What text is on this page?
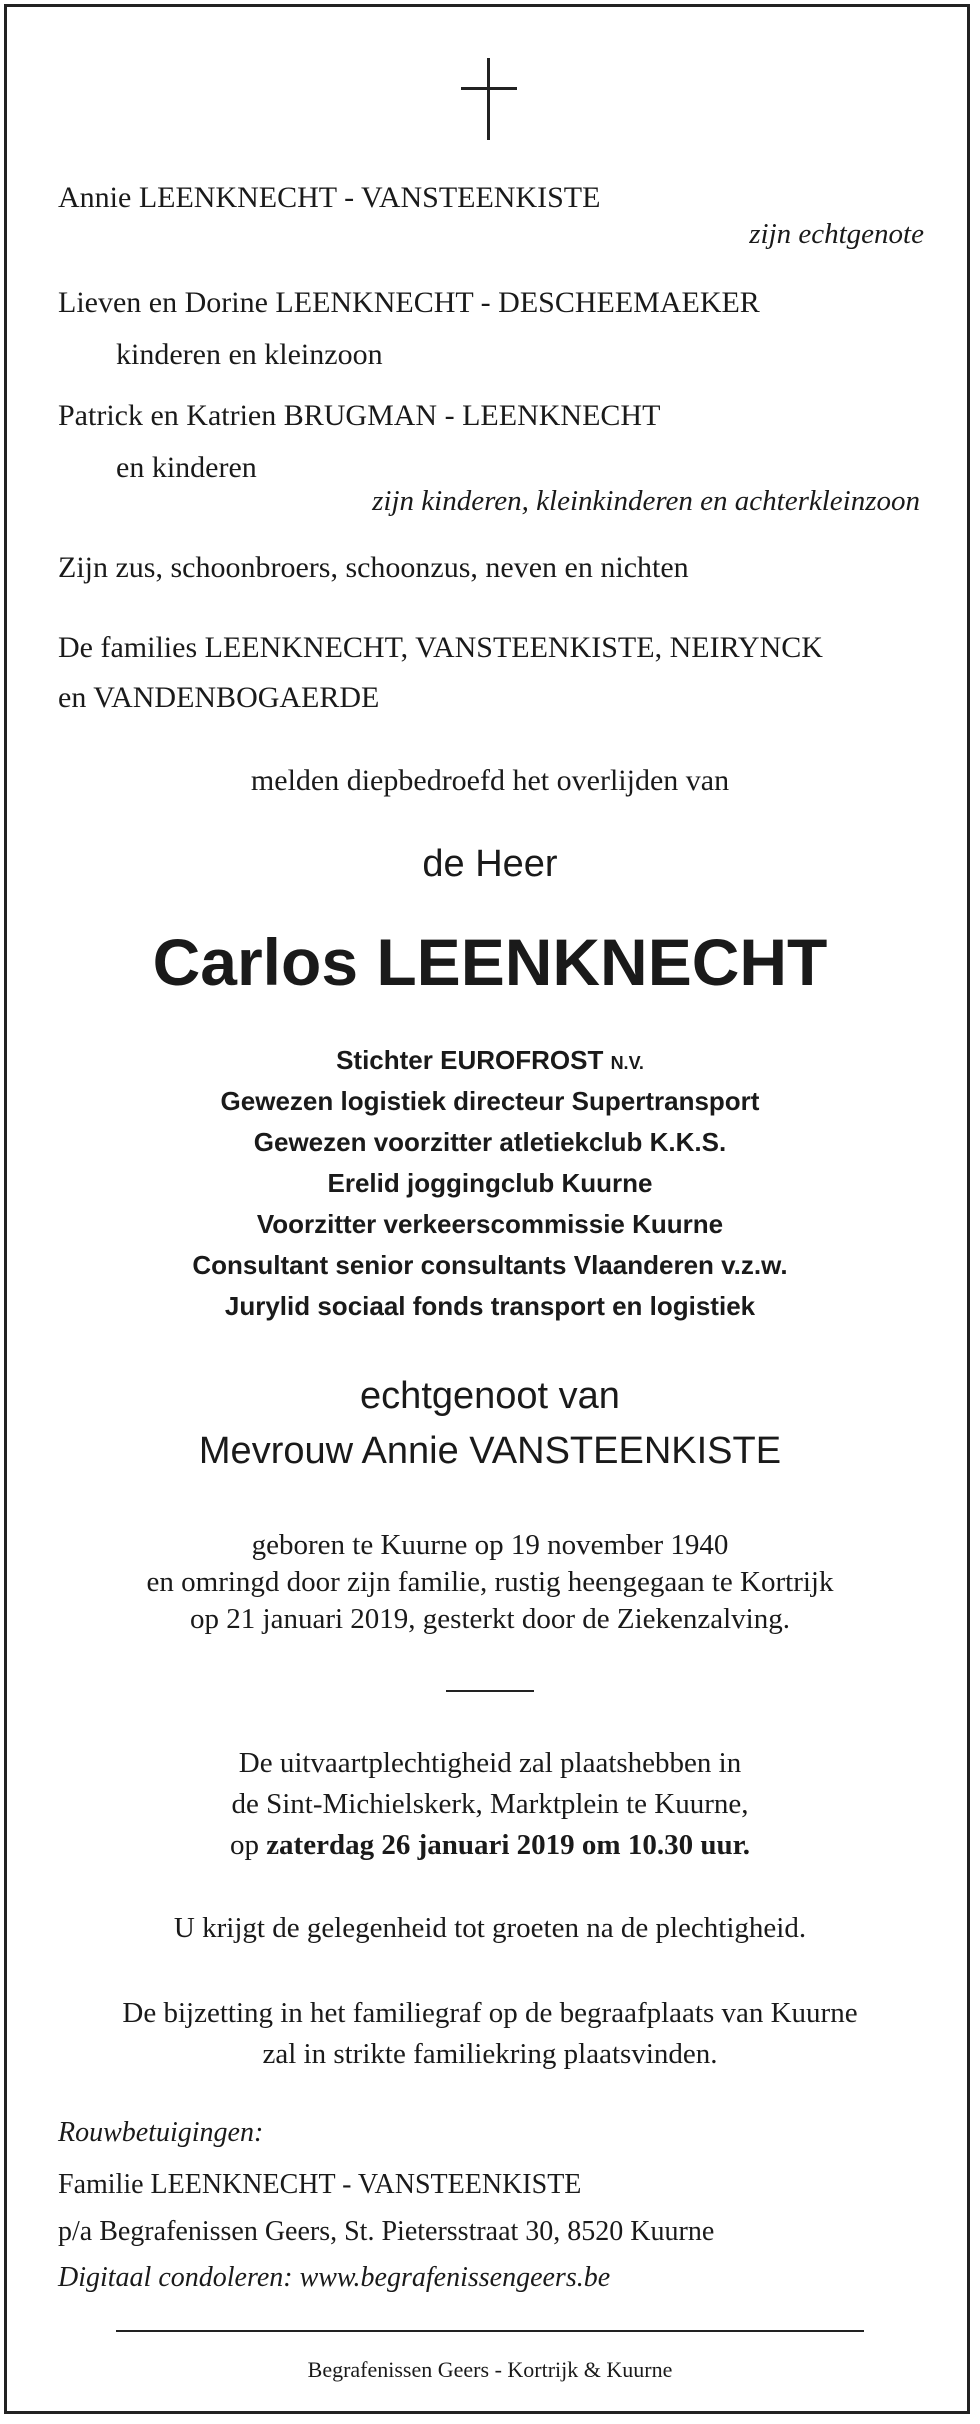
Annie LEENKNECHT - VANSTEENKISTE
zijn echtgenote
Lieven en Dorine LEENKNECHT - DESCHEEMAEKER
kinderen en kleinzoon
Patrick en Katrien BRUGMAN - LEENKNECHT
en kinderen
zijn kinderen, kleinkinderen en achterkleinzoon
Zijn zus, schoonbroers, schoonzus, neven en nichten
De families LEENKNECHT, VANSTEENKISTE, NEIRYNCK
en VANDENBOGAERDE
melden diepbedroefd het overlijden van
de Heer
Carlos LEENKNECHT
Stichter EUROFROST N.V.
Gewezen logistiek directeur Supertransport
Gewezen voorzitter atletiekclub K.K.S.
Erelid joggingclub Kuurne
Voorzitter verkeerscommissie Kuurne
Consultant senior consultants Vlaanderen v.z.w.
Jurylid sociaal fonds transport en logistiek
echtgenoot van
Mevrouw Annie VANSTEENKISTE
geboren te Kuurne op 19 november 1940
en omringd door zijn familie, rustig heengegaan te Kortrijk
op 21 januari 2019, gesterkt door de Ziekenzalving.
De uitvaartplechtigheid zal plaatshebben in
de Sint-Michielskerk, Marktplein te Kuurne,
op zaterdag 26 januari 2019 om 10.30 uur.
U krijgt de gelegenheid tot groeten na de plechtigheid.
De bijzetting in het familiegraf op de begraafplaats van Kuurne
zal in strikte familiekring plaatsvinden.
Rouwbetuigingen:
Familie LEENKNECHT - VANSTEENKISTE
p/a Begrafenissen Geers, St. Pietersstraat 30, 8520 Kuurne
Digitaal condoleren: www.begrafenissengeers.be
Begrafenissen Geers - Kortrijk & Kuurne
